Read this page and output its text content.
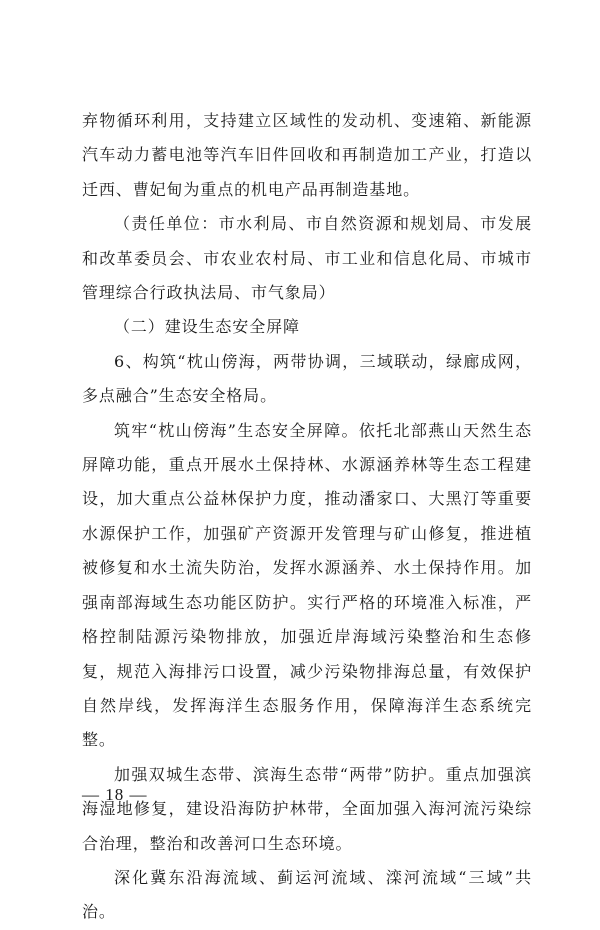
弃物循环利用，支持建立区域性的发动机、变速箱、新能源汽车动力蓄电池等汽车旧件回收和再制造加工产业，打造以迁西、曹妃甸为重点的机电产品再制造基地。

（责任单位：市水利局、市自然资源和规划局、市发展和改革委员会、市农业农村局、市工业和信息化局、市城市管理综合行政执法局、市气象局）

（二）建设生态安全屏障

6、构筑“枕山傍海，两带协调，三域联动，绿廊成网，多点融合”生态安全格局。

筑牢“枕山傍海”生态安全屏障。依托北部燕山天然生态屏障功能，重点开展水土保持林、水源涵养林等生态工程建设，加大重点公益林保护力度，推动潘家口、大黑汀等重要水源保护工作，加强矿产资源开发管理与矿山修复，推进植被修复和水土流失防治，发挥水源涵养、水土保持作用。加强南部海域生态功能区防护。实行严格的环境准入标准，严格控制陆源污染物排放，加强近岸海域污染整治和生态修复，规范入海排污口设置，减少污染物排海总量，有效保护自然岸线，发挥海洋生态服务作用，保障海洋生态系统完整。

加强双城生态带、滨海生态带“两带”防护。重点加强滨海湿地修复，建设沿海防护林带，全面加强入海河流污染综合治理，整治和改善河口生态环境。

深化冀东沿海流域、蓟运河流域、滦河流域“三域”共治。

— 18 —
